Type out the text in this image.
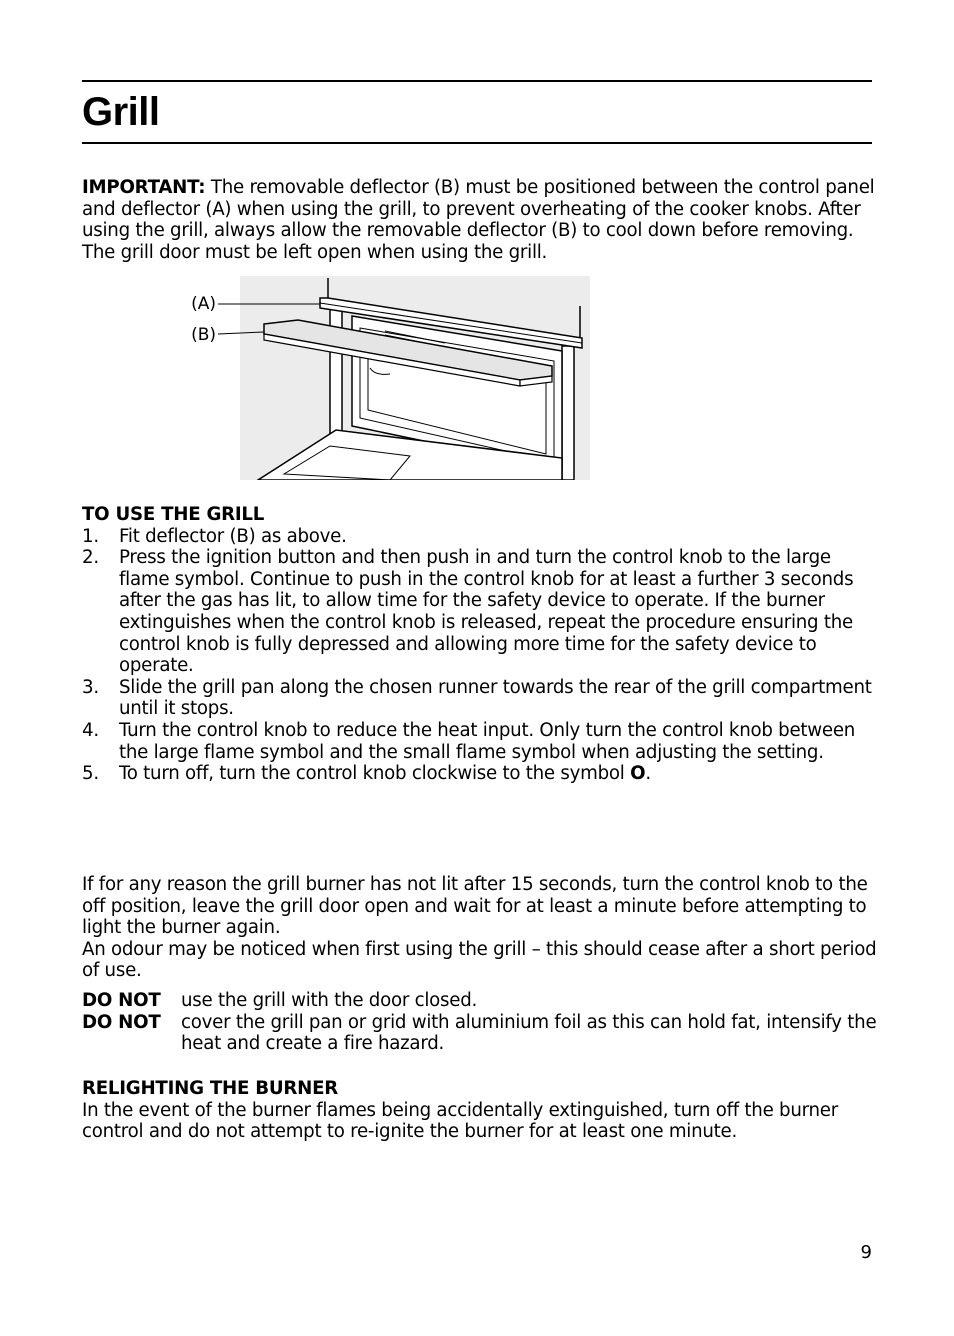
Grill
IMPORTANT: The removable deflector (B) must be positioned between the control panel and deflector (A) when using the grill, to prevent overheating of the cooker knobs. After using the grill, always allow the removable deflector (B) to cool down before removing. The grill door must be left open when using the grill.
(A)
(B)
TO USE THE GRILL
1. Fit deflector (B) as above.
2. Press the ignition button and then push in and turn the control knob to the large flame symbol. Continue to push in the control knob for at least a further 3 seconds after the gas has lit, to allow time for the safety device to operate. If the burner extinguishes when the control knob is released, repeat the procedure ensuring the control knob is fully depressed and allowing more time for the safety device to operate.
3. Slide the grill pan along the chosen runner towards the rear of the grill compartment until it stops.
4. Turn the control knob to reduce the heat input. Only turn the control knob between the large flame symbol and the small flame symbol when adjusting the setting.
5. To turn off, turn the control knob clockwise to the symbol O.

If for any reason the grill burner has not lit after 15 seconds, turn the control knob to the off position, leave the grill door open and wait for at least a minute before attempting to light the burner again.

An odour may be noticed when first using the grill – this should cease after a short period of use.

DO NOT	use the grill with the door closed.
DO NOT	cover the grill pan or grid with aluminium foil as this can hold fat, intensify the heat and create a fire hazard.
RELIGHTING THE BURNER

In the event of the burner flames being accidentally extinguished, turn off the burner control and do not attempt to re-ignite the burner for at least one minute.

9
